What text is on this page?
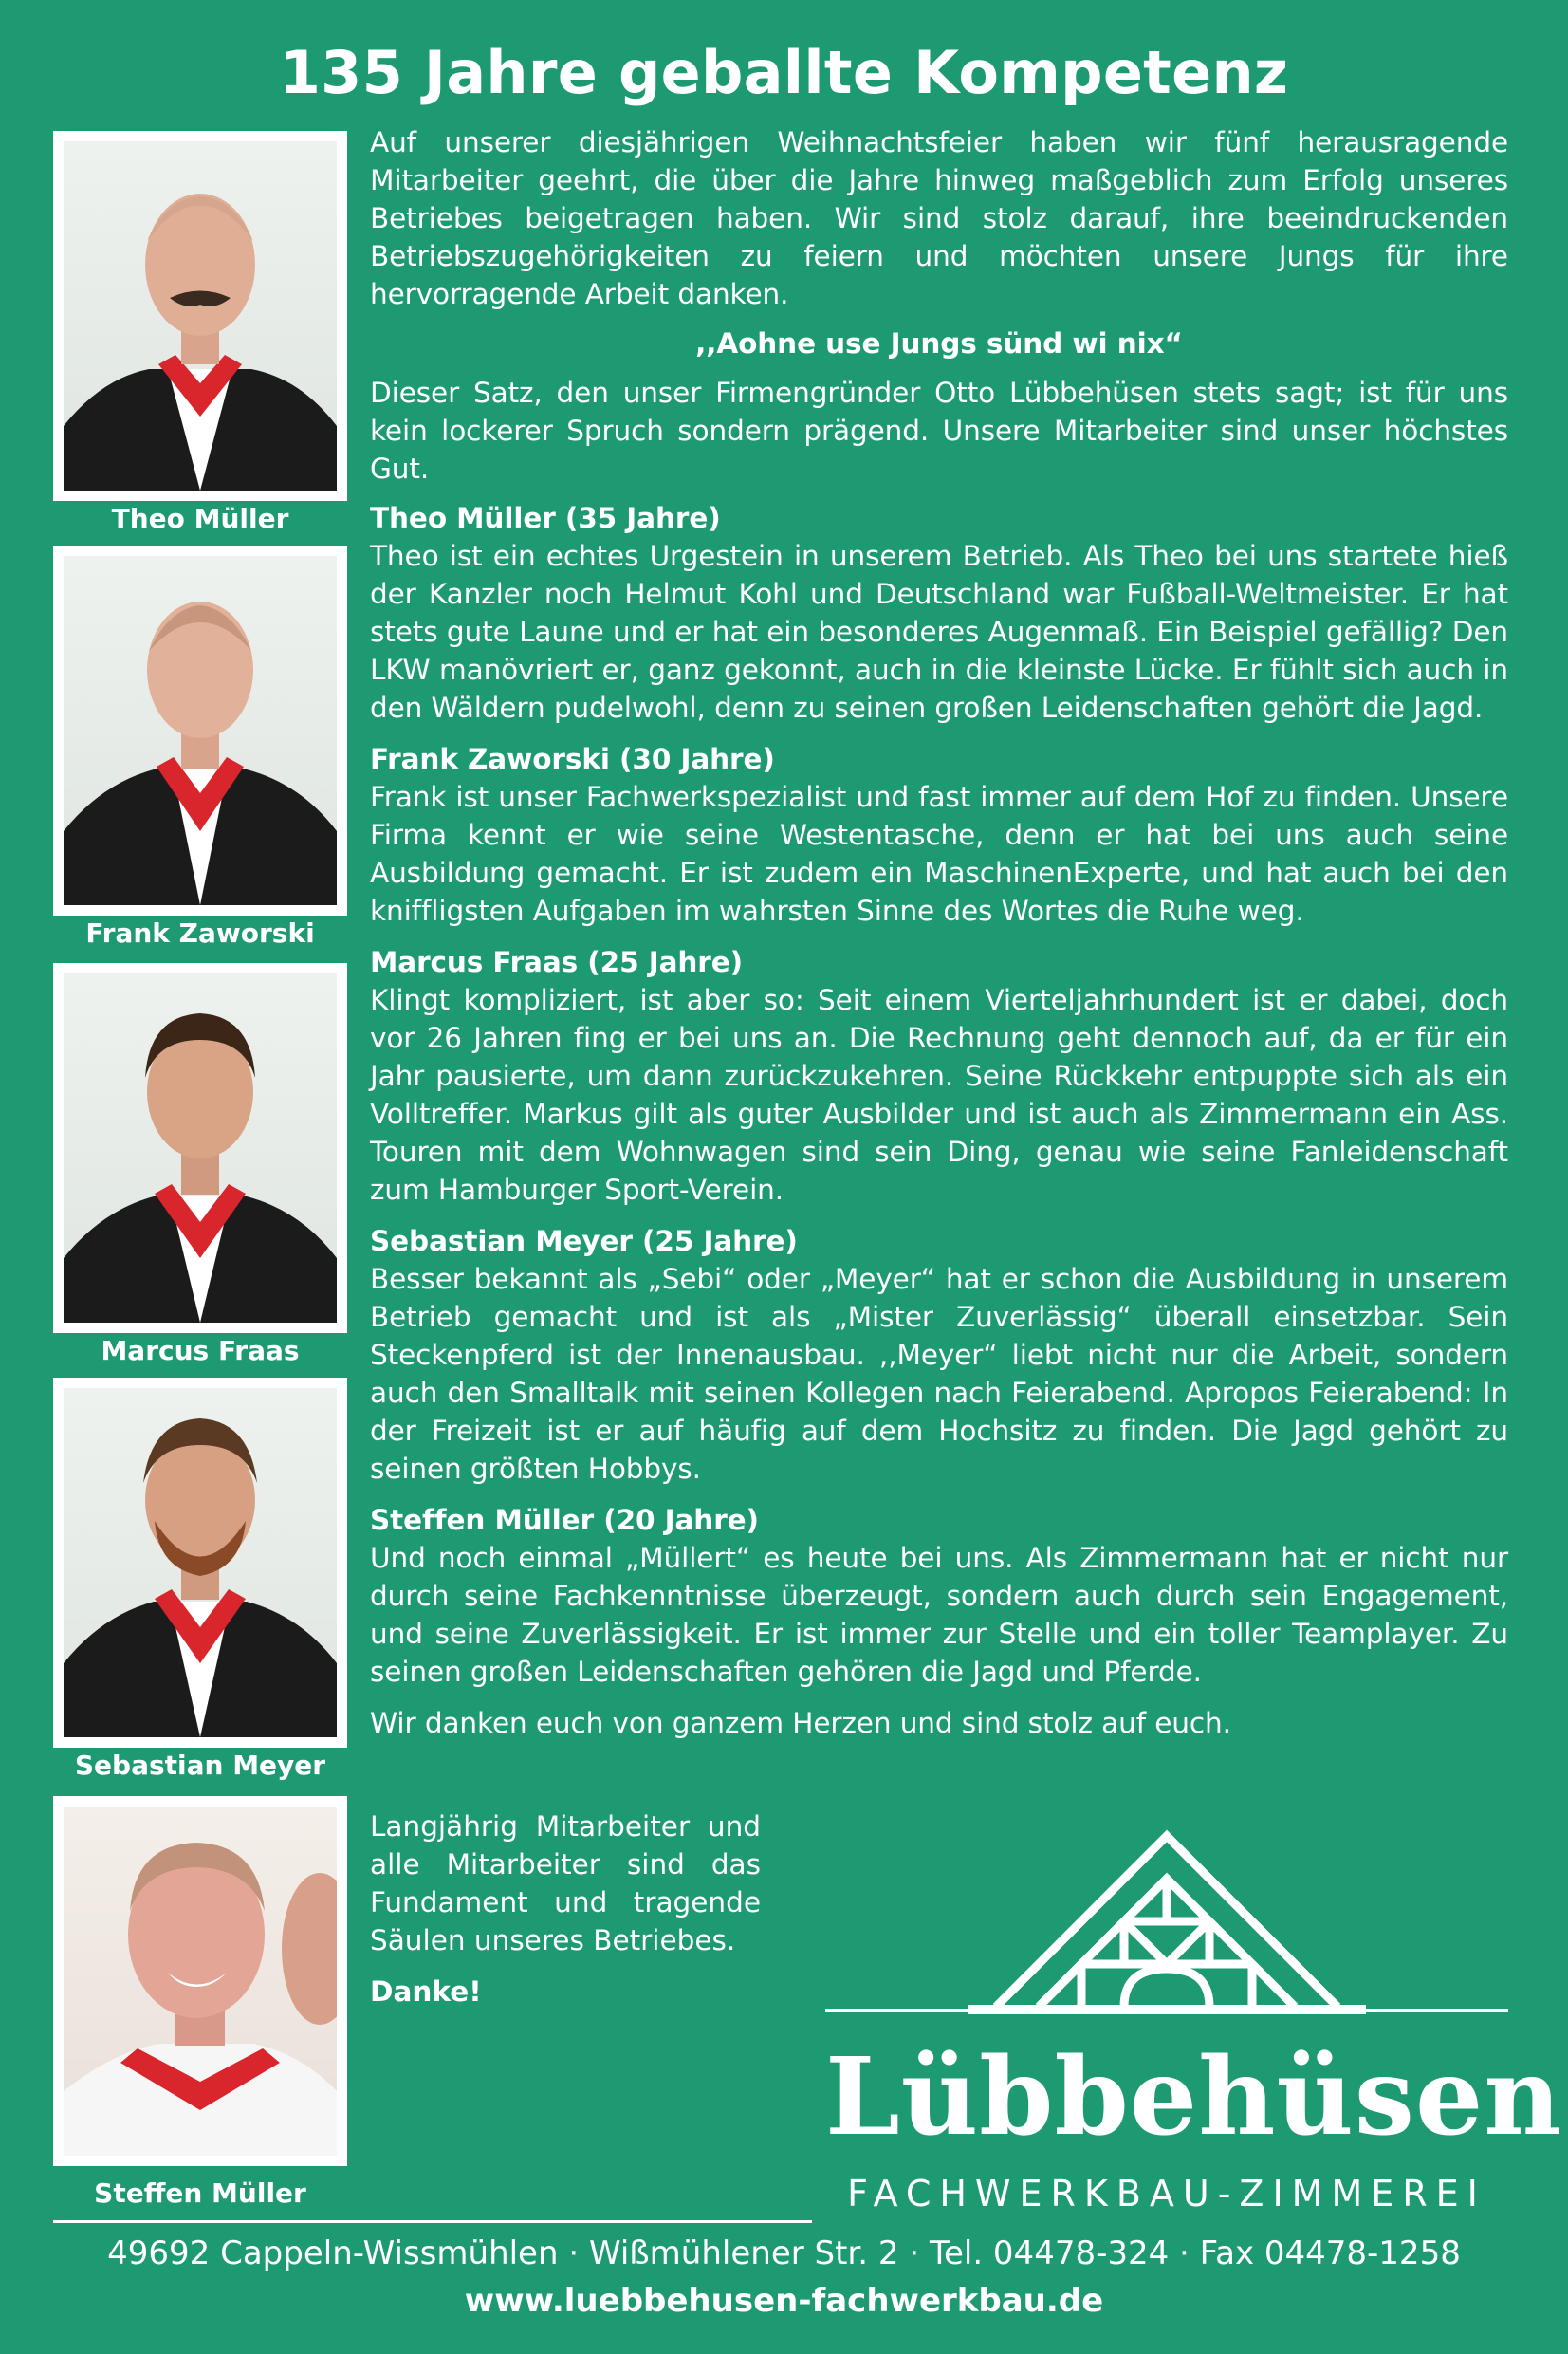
135 Jahre geballte Kompetenz
Theo Müller
Frank Zaworski
Marcus Fraas
Sebastian Meyer
Steffen Müller

Auf unserer diesjährigen Weihnachtsfeier haben wir fünf herausragende Mitarbeiter geehrt, die über die Jahre hinweg maßgeblich zum Erfolg unseres Betriebes beigetragen haben. Wir sind stolz darauf, ihre beeindruckenden Betriebszugehörigkeiten zu feiern und möchten unsere Jungs für ihre hervorragende Arbeit danken.

,,Aohne use Jungs sünd wi nix“

Dieser Satz, den unser Firmengründer Otto Lübbehüsen stets sagt; ist für uns kein lockerer Spruch sondern prägend. Unsere Mitarbeiter sind unser höchstes Gut.

Theo Müller (35 Jahre)
Theo ist ein echtes Urgestein in unserem Betrieb. Als Theo bei uns startete hieß der Kanzler noch Helmut Kohl und Deutschland war Fußball-Weltmeister. Er hat stets gute Laune und er hat ein besonderes Augenmaß. Ein Beispiel gefällig? Den LKW manövriert er, ganz gekonnt, auch in die kleinste Lücke. Er fühlt sich auch in den Wäldern pudelwohl, denn zu seinen großen Leidenschaften gehört die Jagd.
Frank Zaworski (30 Jahre)
Frank ist unser Fachwerkspezialist und fast immer auf dem Hof zu finden. Unsere Firma kennt er wie seine Westentasche, denn er hat bei uns auch seine Ausbildung gemacht. Er ist zudem ein MaschinenExperte, und hat auch bei den kniffligsten Aufgaben im wahrsten Sinne des Wortes die Ruhe weg.
Marcus Fraas (25 Jahre)
Klingt kompliziert, ist aber so: Seit einem Vierteljahrhundert ist er dabei, doch vor 26 Jahren fing er bei uns an. Die Rechnung geht dennoch auf, da er für ein Jahr pausierte, um dann zurückzukehren. Seine Rückkehr entpuppte sich als ein Volltreffer. Markus gilt als guter Ausbilder und ist auch als Zimmermann ein Ass. Touren mit dem Wohnwagen sind sein Ding, genau wie seine Fanleidenschaft zum Hamburger Sport-Verein.
Sebastian Meyer (25 Jahre)
Besser bekannt als „Sebi“ oder „Meyer“ hat er schon die Ausbildung in unserem Betrieb gemacht und ist als „Mister Zuverlässig“ überall einsetzbar. Sein Steckenpferd ist der Innenausbau. ,,Meyer“ liebt nicht nur die Arbeit, sondern auch den Smalltalk mit seinen Kollegen nach Feierabend. Apropos Feierabend: In der Freizeit ist er auf häufig auf dem Hochsitz zu finden. Die Jagd gehört zu seinen größten Hobbys.
Steffen Müller (20 Jahre)
Und noch einmal „Müllert“ es heute bei uns. Als Zimmermann hat er nicht nur durch seine Fachkenntnisse überzeugt, sondern auch durch sein Engagement, und seine Zuverlässigkeit. Er ist immer zur Stelle und ein toller Teamplayer. Zu seinen großen Leidenschaften gehören die Jagd und Pferde.

Wir danken euch von ganzem Herzen und sind stolz auf euch.

Langjährig Mitarbeiter und alle Mitarbeiter sind das Fundament und tragende Säulen unseres Betriebes.

Danke!

Lübbehüsen
FACHWERKBAU-ZIMMEREI
49692 Cappeln-Wissmühlen · Wißmühlener Str. 2 · Tel. 04478-324 · Fax 04478-1258
www.luebbehusen-fachwerkbau.de
